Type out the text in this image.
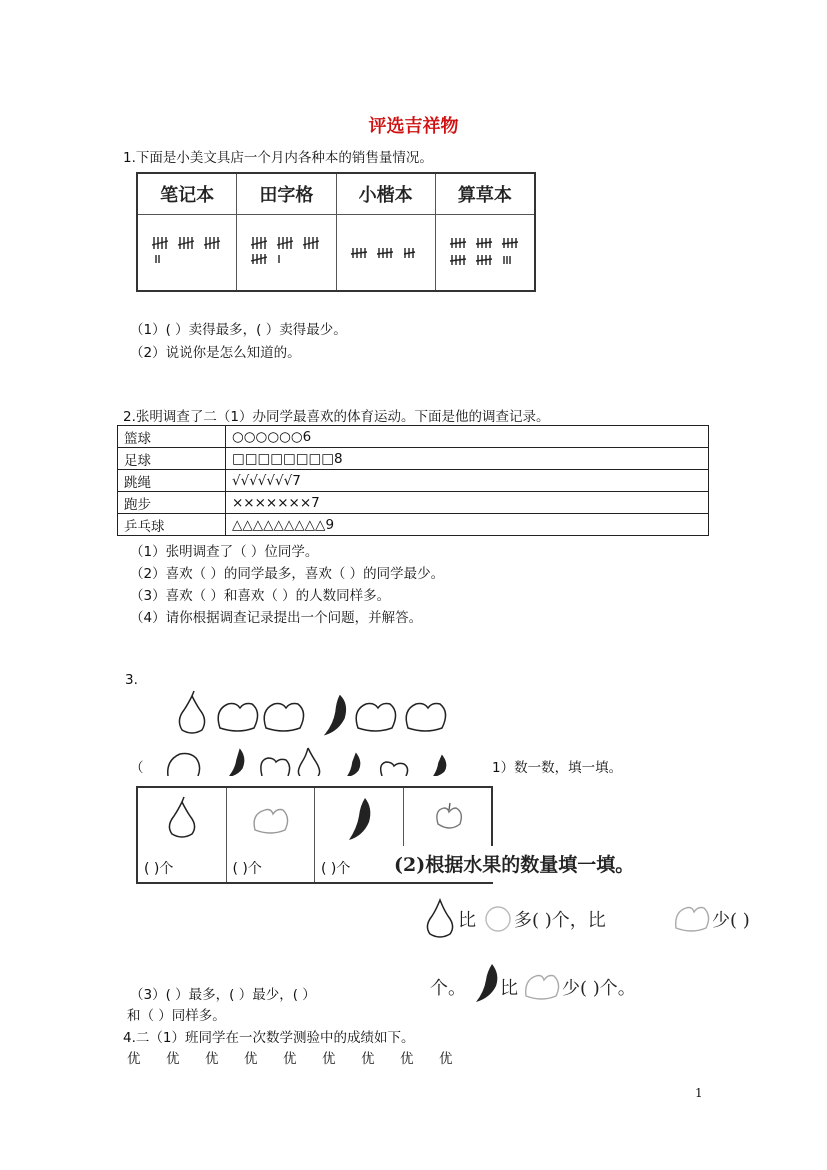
评选吉祥物
1.下面是小美文具店一个月内各种本的销售量情况。
笔记本	田字格	小楷本	算草本
（1）( ）卖得最多，( ）卖得最少。
（2）说说你是怎么知道的。
2.张明调查了二（1）办同学最喜欢的体育运动。下面是他的调查记录。
篮球	○○○○○○6
足球	□□□□□□□□8
跳绳	√√√√√√√7
跑步	×××××××7
乒乓球	△△△△△△△△△9
（1）张明调查了（ ）位同学。
（2）喜欢（ ）的同学最多，喜欢（ ）的同学最少。
（3）喜欢（ ）和喜欢（ ）的人数同样多。
（4）请你根据调查记录提出一个问题，并解答。
3.
（	1）数一数，填一填。
( )个	( )个	( )个 (2)根据水果的数量填一填。
比 多( )个，比	少( )
个。 比 少( )个。
（3）( ）最多，( ）最少，( ）
和（ ）同样多。
4.二（1）班同学在一次数学测验中的成绩如下。
优 优 优 优 优 优 优 优 优
1
